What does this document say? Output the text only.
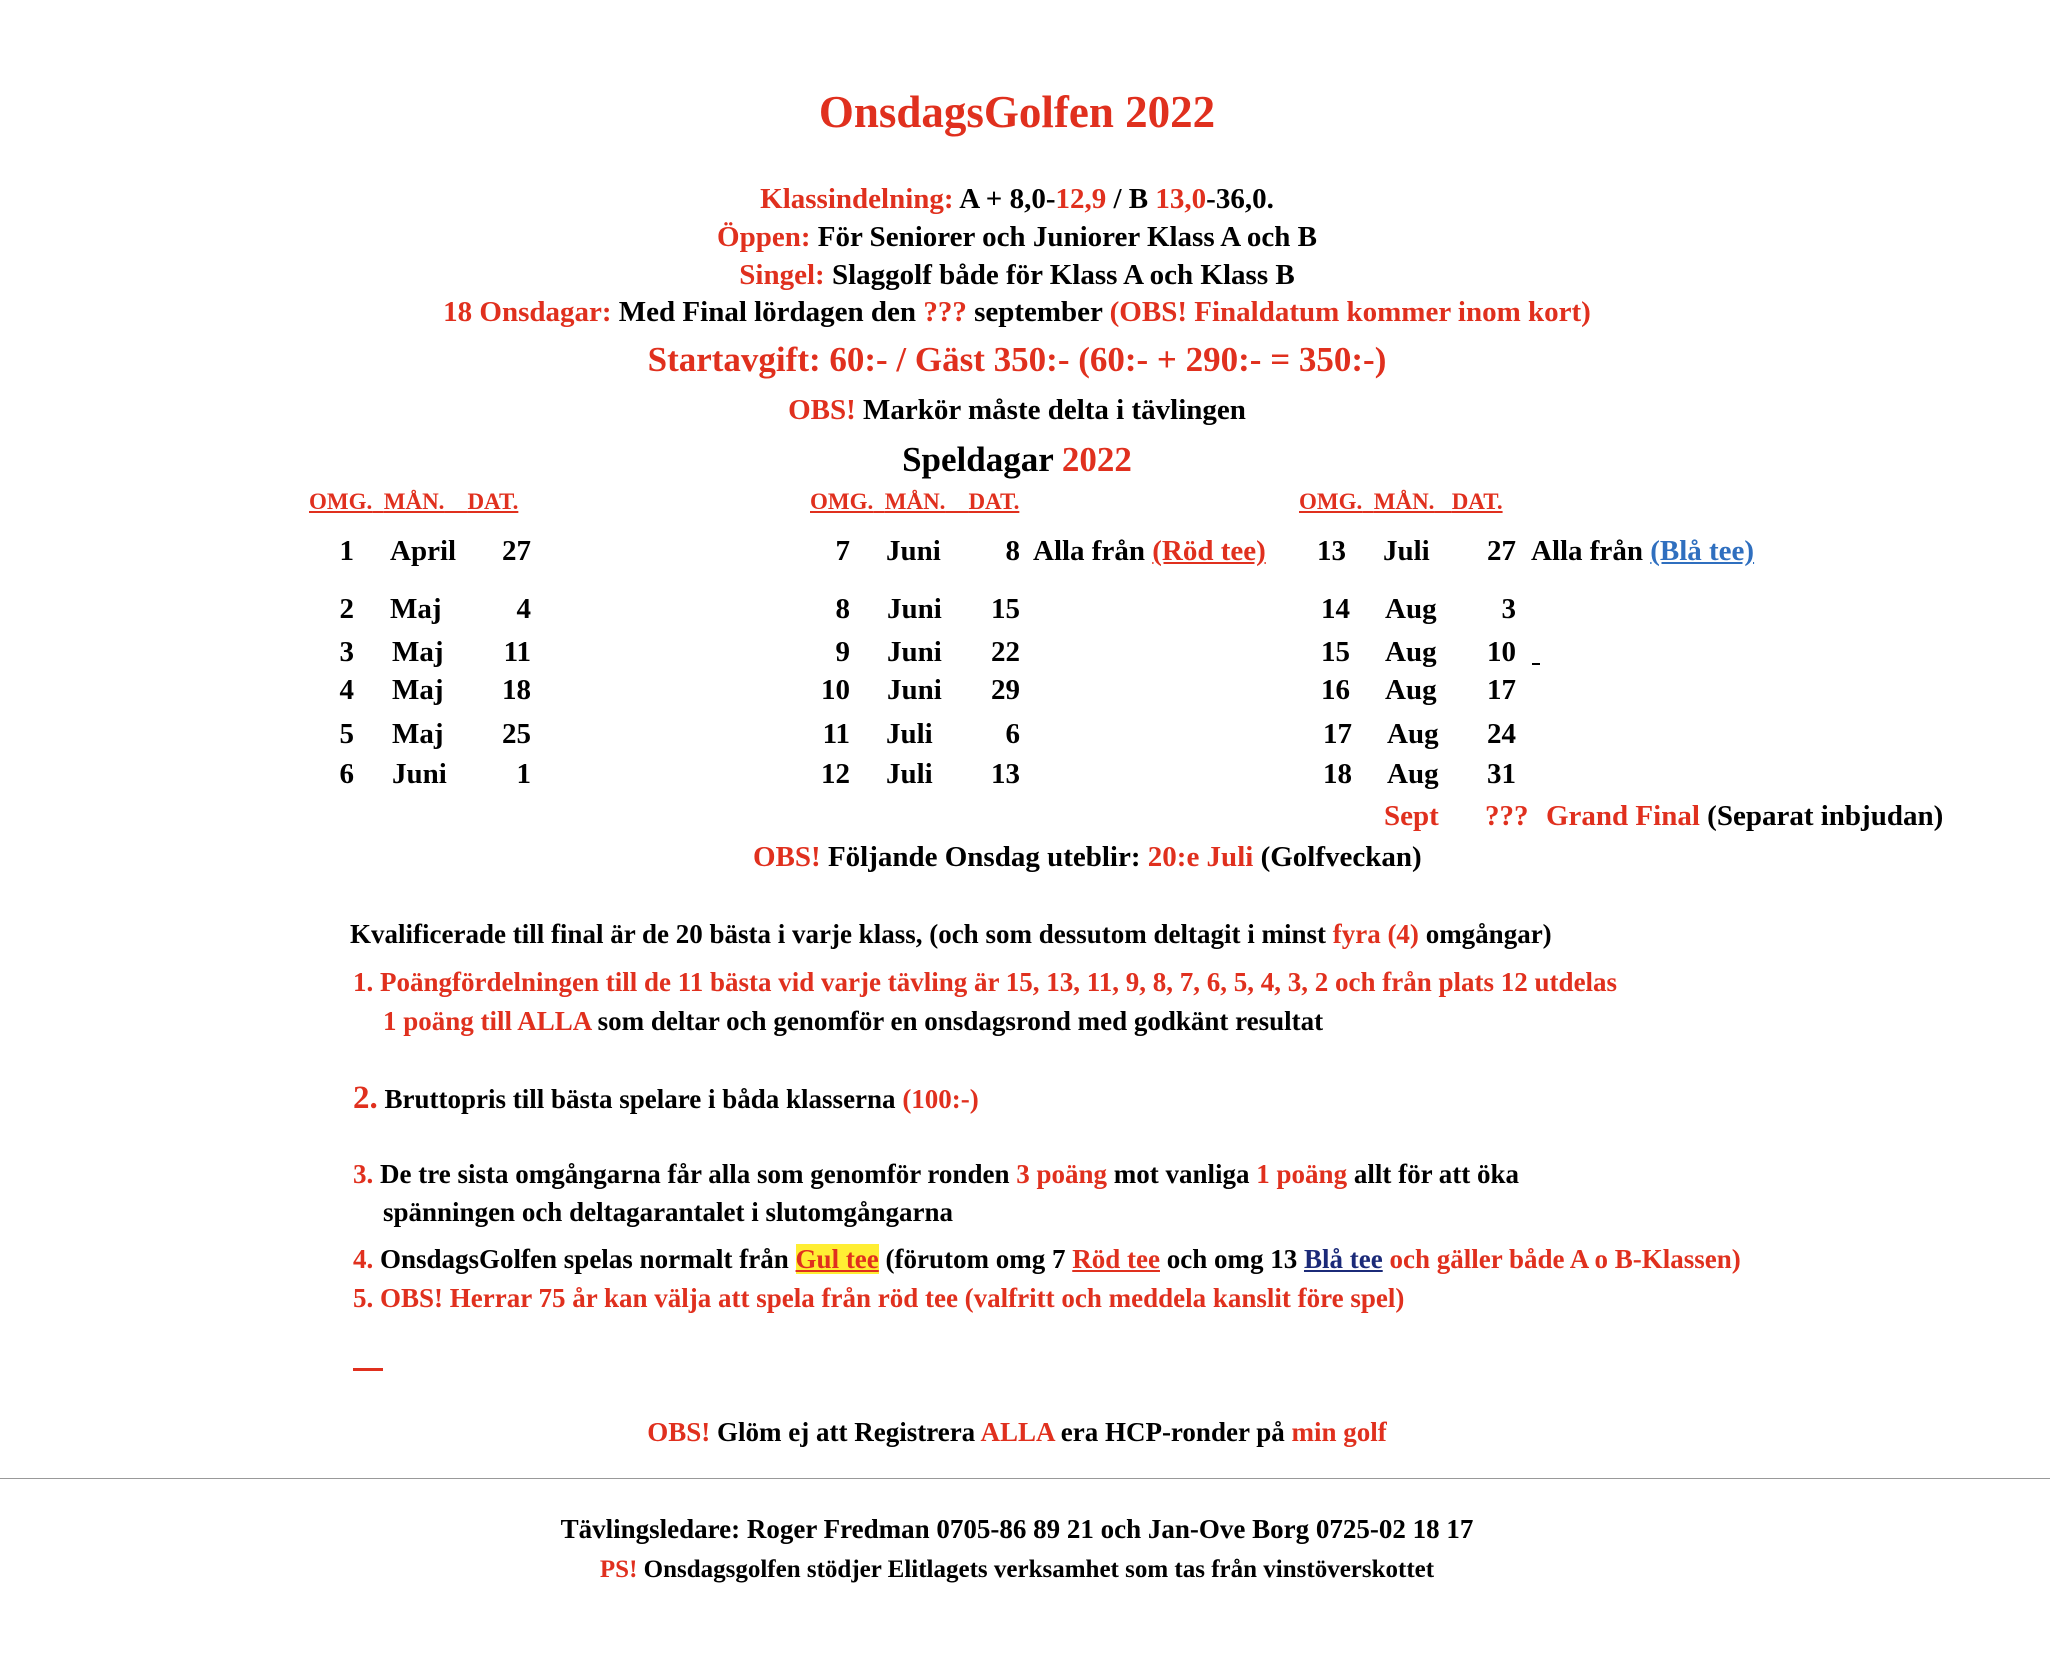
OnsdagsGolfen 2022
Klassindelning: A + 8,0-12,9 / B 13,0-36,0.
Öppen: För Seniorer och Juniorer Klass A och B
Singel: Slaggolf både för Klass A och Klass B
18 Onsdagar: Med Final lördagen den ??? september (OBS! Finaldatum kommer inom kort)
Startavgift: 60:- / Gäst 350:- (60:- + 290:- = 350:-)
OBS! Markör måste delta i tävlingen
Speldagar 2022
OMG. MÅN. DAT.	OMG. MÅN. DAT.	OMG. MÅN. DAT.
1 April	27
2 Maj	4
3 Maj	11
4 Maj	18
5 Maj	25
6 Juni	1
7 Juni	8 Alla från (Röd tee)
8 Juni	15
9 Juni	22
10 Juni	29
11 Juli	6
12 Juli	13
13 Juli	27 Alla från (Blå tee)
14 Aug	3
15 Aug	10
16 Aug	17
17 Aug	24
18 Aug	31
Sept ??? Grand Final (Separat inbjudan)
OBS! Följande Onsdag uteblir: 20:e Juli (Golfveckan)
Kvalificerade till final är de 20 bästa i varje klass, (och som dessutom deltagit i minst fyra (4) omgångar)
1. Poängfördelningen till de 11 bästa vid varje tävling är 15, 13, 11, 9, 8, 7, 6, 5, 4, 3, 2 och från plats 12 utdelas
1 poäng till ALLA som deltar och genomför en onsdagsrond med godkänt resultat
2. Bruttopris till bästa spelare i båda klasserna (100:-)
3. De tre sista omgångarna får alla som genomför ronden 3 poäng mot vanliga 1 poäng allt för att öka
spänningen och deltagarantalet i slutomgångarna
4. OnsdagsGolfen spelas normalt från Gul tee (förutom omg 7 Röd tee och omg 13 Blå tee och gäller både A o B-Klassen)
5. OBS! Herrar 75 år kan välja att spela från röd tee (valfritt och meddela kanslit före spel)
OBS! Glöm ej att Registrera ALLA era HCP-ronder på min golf
Tävlingsledare: Roger Fredman 0705-86 89 21 och Jan-Ove Borg 0725-02 18 17
PS! Onsdagsgolfen stödjer Elitlagets verksamhet som tas från vinstöverskottet
